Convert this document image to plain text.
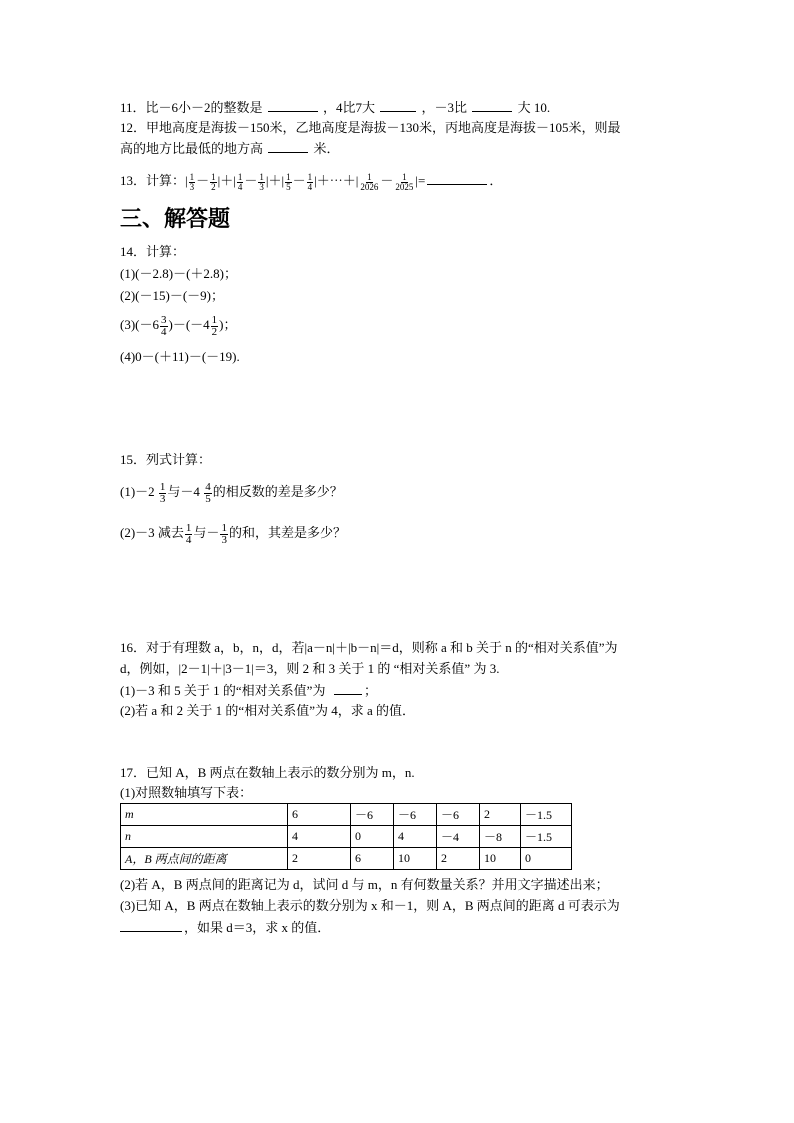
11．比－6小－2的整数是	，4比7大	，－3比	大 10.
12．甲地高度是海拔－150米，乙地高度是海拔－130米，丙地高度是海拔－105米，则最
高的地方比最低的地方高	米．
13．计算：| $\frac{1}{3} - \frac{1}{2}$ |＋| $\frac{1}{4} - \frac{1}{3}$ |＋| $\frac{1}{5} - \frac{1}{4}$ |＋⋯＋| $\frac{1}{2026} - \frac{1}{2025}$ |=	．
三、解答题
14．计算：
(1)(－2.8)－(＋2.8)；
(2)(－15)－(－9)；
$(3)(-6 \frac{3}{4} )-(-4 \frac{1}{2}$ )；
(4)0－(＋11)－(－19).
15．列式计算：
$(1)-2 \frac{1}{3}$ 与$-4 \frac{4}{5}$ 的相反数的差是多少？
(2)－3 减去 $\frac{1}{4}$ 与－ $\frac{1}{3}$ 的和，其差是多少？
16．对于有理数 a，b，n，d，若|a－n|＋|b－n|＝d，则称 a 和 b 关于 n 的“相对关系值”为
d，例如，|2－1|＋|3－1|＝3，则 2 和 3 关于 1 的 “相对关系值” 为 3.
(1)－3 和 5 关于 1 的“相对关系值”为	；
(2)若 a 和 2 关于 1 的“相对关系值”为 4，求 a 的值．
17．已知 A，B 两点在数轴上表示的数分别为 m，n.
(1)对照数轴填写下表：
m	6	－6	－6	－6	2	－1.5
n	4	0	4	－4	－8	－1.5
A，B 两点间的距离	2	6	10	2	10	0
(2)若 A，B 两点间的距离记为 d，试问 d 与 m，n 有何数量关系？并用文字描述出来；
(3)已知 A，B 两点在数轴上表示的数分别为 x 和－1，则 A，B 两点间的距离 d 可表示为
，如果 d＝3，求 x 的值．
